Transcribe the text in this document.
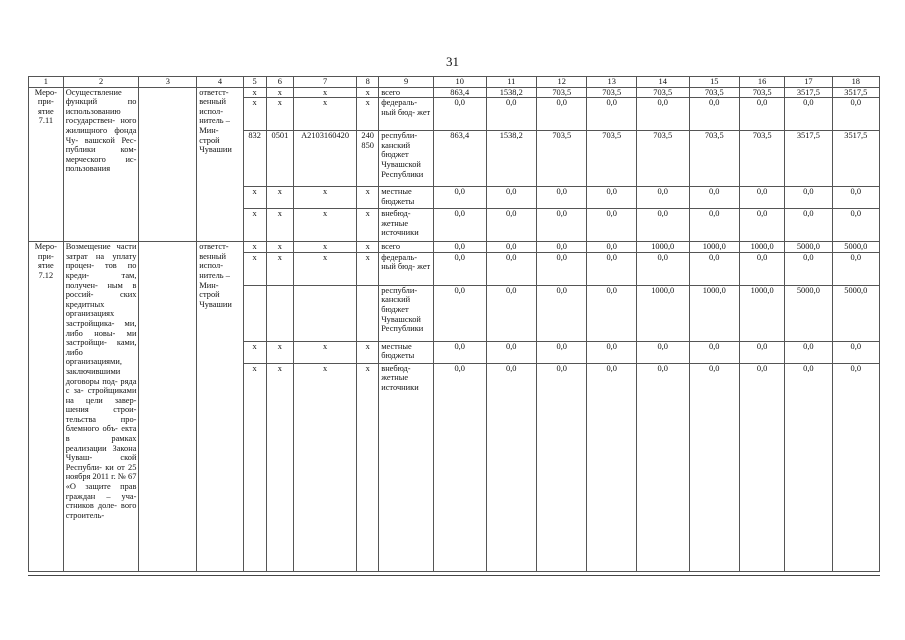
31
1	2	3	4	5	6	7	8	9	10	11	12	13	14	15	16	17	18
Меро- при- ятие 7.11	Осуществление функций по использованию государствен- ного жилищного фонда Чу- вашской Рес- публики ком- мерческого ис- пользования		ответст- венный испол- нитель – Мин- строй Чувашии	x	x	x	x	всего	863,4	1538,2	703,5	703,5	703,5	703,5	703,5	3517,5	3517,5
				x	x	x	x	федераль- ный бюд- жет	0,0	0,0	0,0	0,0	0,0	0,0	0,0	0,0	0,0
				832	0501	А2103160420	240 850	республи- канский бюджет Чувашской Республики	863,4	1538,2	703,5	703,5	703,5	703,5	703,5	3517,5	3517,5
				x	x	x	x	местные бюджеты	0,0	0,0	0,0	0,0	0,0	0,0	0,0	0,0	0,0
				x	x	x	x	внебюд- жетные источники	0,0	0,0	0,0	0,0	0,0	0,0	0,0	0,0	0,0
Меро- при- ятие 7.12	Возмещение части затрат на уплату процен- тов по креди- там, получен- ным в россий- ских кредитных организациях застройщика- ми, либо новы- ми застройщи- ками, либо организациями, заключившими договоры под- ряда с за- стройщиками на цели завер- шения строи- тельства про- блемного объ- екта в рамках реализации Закона Чуваш- ской Республи- ки от 25 ноября 2011 г. № 67 «О защите прав граждан – уча- стников доле- вого строитель-		ответст- венный испол- нитель – Мин- строй Чувашии	x	x	x	x	всего	0,0	0,0	0,0	0,0	1000,0	1000,0	1000,0	5000,0	5000,0
				x	x	x	x	федераль- ный бюд- жет	0,0	0,0	0,0	0,0	0,0	0,0	0,0	0,0	0,0
								республи- канский бюджет Чувашской Республики	0,0	0,0	0,0	0,0	1000,0	1000,0	1000,0	5000,0	5000,0
				x	x	x	x	местные бюджеты	0,0	0,0	0,0	0,0	0,0	0,0	0,0	0,0	0,0
				x	x	x	x	внебюд- жетные источники	0,0	0,0	0,0	0,0	0,0	0,0	0,0	0,0	0,0
